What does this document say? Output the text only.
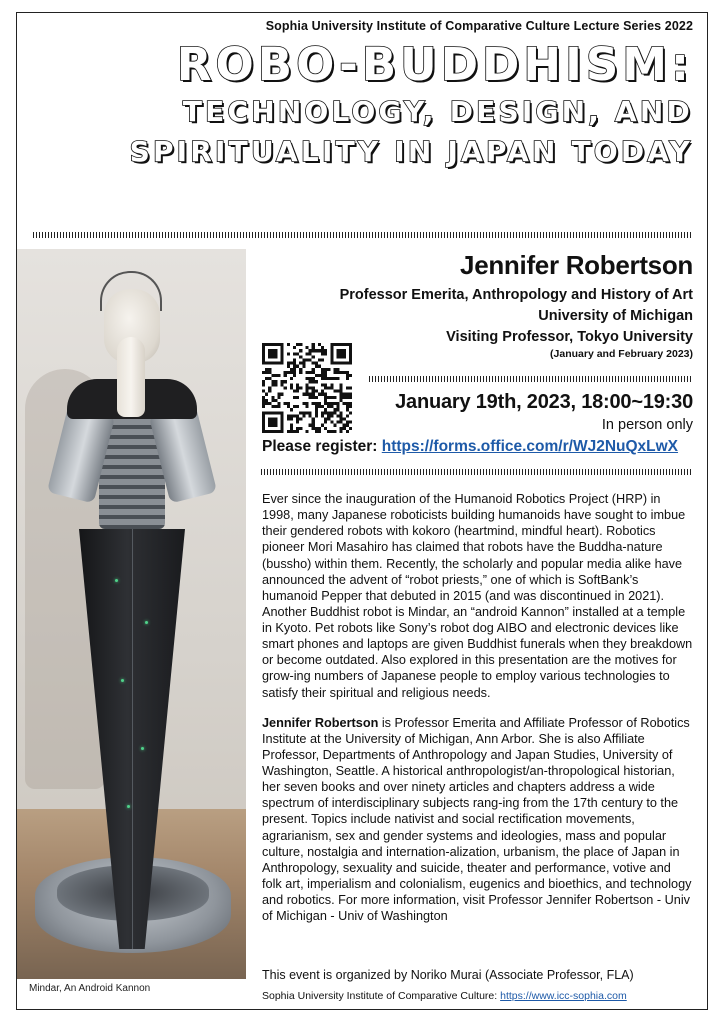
Sophia University Institute of Comparative Culture Lecture Series 2022
ROBO-BUDDHISM:
TECHNOLOGY, DESIGN, AND
SPIRITUALITY IN JAPAN TODAY
Mindar, An Android Kannon
Jennifer Robertson
Professor Emerita, Anthropology and History of Art
University of Michigan
Visiting Professor, Tokyo University
(January and February 2023)
January 19th, 2023, 18:00~19:30
In person only
Please register: https://forms.office.com/r/WJ2NuQxLwX

Ever since the inauguration of the Humanoid Robotics Project (HRP) in 1998, many Japanese roboticists building humanoids have sought to imbue their gendered robots with kokoro (heartmind, mindful heart). Robotics pioneer Mori Masahiro has claimed that robots have the Buddha-nature (bussho) within them. Recently, the scholarly and popular media alike have announced the advent of “robot priests,” one of which is SoftBank’s humanoid Pepper that debuted in 2015 (and was discontinued in 2021). Another Buddhist robot is Mindar, an “android Kannon” installed at a temple in Kyoto. Pet robots like Sony’s robot dog AIBO and electronic devices like smart phones and laptops are given Buddhist funerals when they breakdown or become outdated. Also explored in this presentation are the motives for grow-ing numbers of Japanese people to employ various technologies to satisfy their spiritual and religious needs.

Jennifer Robertson is Professor Emerita and Affiliate Professor of Robotics Institute at the University of Michigan, Ann Arbor. She is also Affiliate Professor, Departments of Anthropology and Japan Studies, University of Washington, Seattle. A historical anthropologist/an-thropological historian, her seven books and over ninety articles and chapters address a wide spectrum of interdisciplinary subjects rang-ing from the 17th century to the present. Topics include nativist and social rectification movements, agrarianism, sex and gender systems and ideologies, mass and popular culture, nostalgia and internation-alization, urbanism, the place of Japan in Anthropology, sexuality and suicide, theater and performance, votive and folk art, imperialism and colonialism, eugenics and bioethics, and technology and robotics. For more information, visit Professor Jennifer Robertson - Univ of Michigan - Univ of Washington

This event is organized by Noriko Murai (Associate Professor, FLA)
Sophia University Institute of Comparative Culture: https://www.icc-sophia.com
